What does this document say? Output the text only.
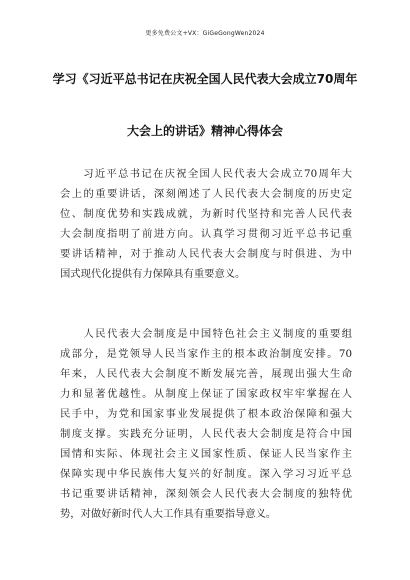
更多免费公文+VX：GiGeGongWen2024
学习《习近平总书记在庆祝全国人民代表大会成立70周年
大会上的讲话》精神心得体会
　　习近平总书记在庆祝全国人民代表大会成立70周年大
会上的重要讲话，深刻阐述了人民代表大会制度的历史定
位、制度优势和实践成就，为新时代坚持和完善人民代表
大会制度指明了前进方向。认真学习贯彻习近平总书记重
要讲话精神，对于推动人民代表大会制度与时俱进、为中
国式现代化提供有力保障具有重要意义。
　　人民代表大会制度是中国特色社会主义制度的重要组
成部分，是党领导人民当家作主的根本政治制度安排。70
年来，人民代表大会制度不断发展完善，展现出强大生命
力和显著优越性。从制度上保证了国家政权牢牢掌握在人
民手中，为党和国家事业发展提供了根本政治保障和强大
制度支撑。实践充分证明，人民代表大会制度是符合中国
国情和实际、体现社会主义国家性质、保证人民当家作主
保障实现中华民族伟大复兴的好制度。深入学习习近平总
书记重要讲话精神，深刻领会人民代表大会制度的独特优
势，对做好新时代人大工作具有重要指导意义。
